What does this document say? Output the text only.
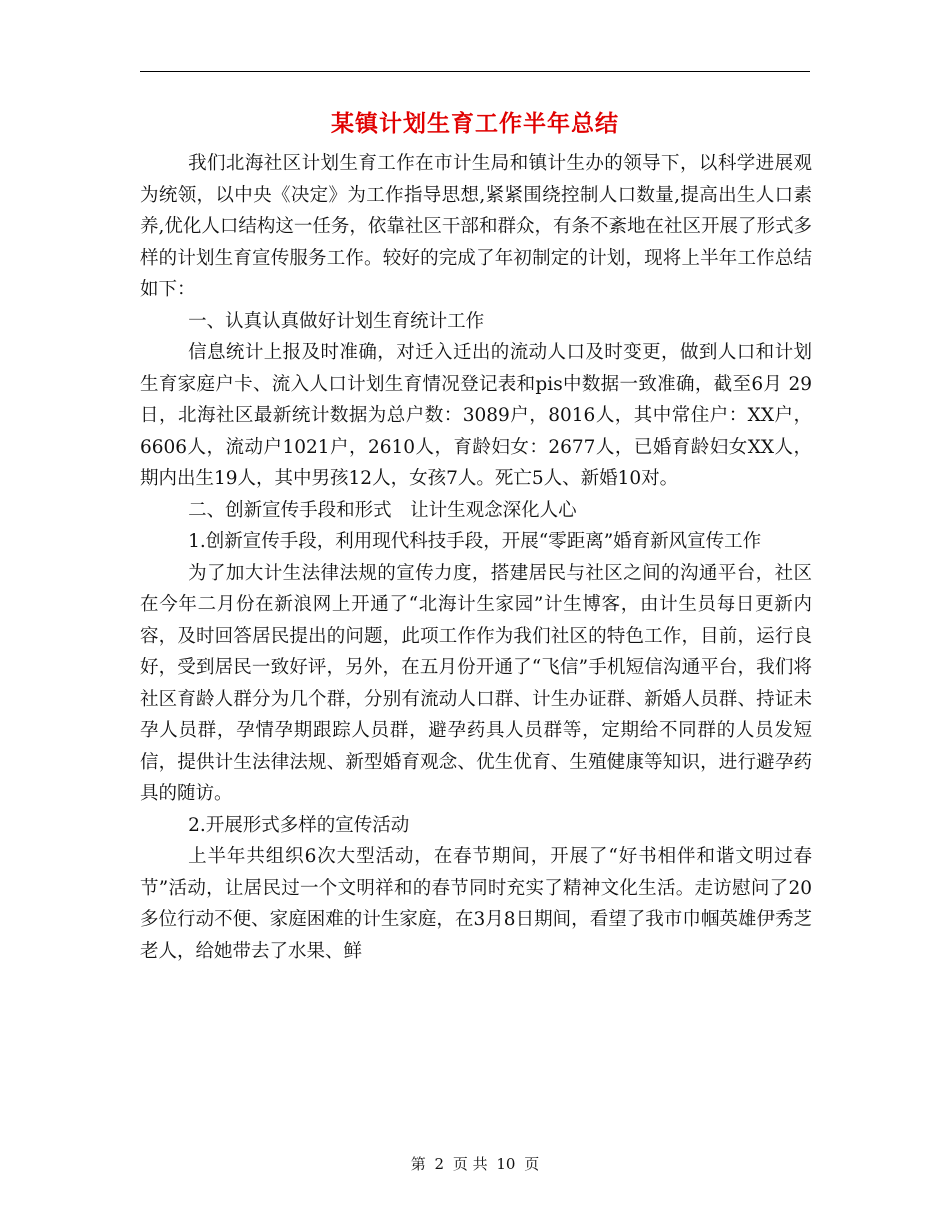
某镇计划生育工作半年总结

我们北海社区计划生育工作在市计生局和镇计生办的领导下，以科学进展观为统领，以中央《决定》为工作指导思想,紧紧围绕控制人口数量,提高出生人口素养,优化人口结构这一任务，依靠社区干部和群众，有条不紊地在社区开展了形式多样的计划生育宣传服务工作。较好的完成了年初制定的计划，现将上半年工作总结如下：

一、认真认真做好计划生育统计工作

信息统计上报及时准确，对迁入迁出的流动人口及时变更，做到人口和计划生育家庭户卡、流入人口计划生育情况登记表和pis中数据一致准确，截至6月 29日，北海社区最新统计数据为总户数：3089户，8016人，其中常住户：XX户，6606人，流动户1021户，2610人，育龄妇女：2677人，已婚育龄妇女XX人，期内出生19人，其中男孩12人，女孩7人。死亡5人、新婚10对。

二、创新宣传手段和形式　让计生观念深化人心

1.创新宣传手段，利用现代科技手段，开展“零距离”婚育新风宣传工作

为了加大计生法律法规的宣传力度，搭建居民与社区之间的沟通平台，社区在今年二月份在新浪网上开通了“北海计生家园”计生博客，由计生员每日更新内容，及时回答居民提出的问题，此项工作作为我们社区的特色工作，目前，运行良好，受到居民一致好评，另外，在五月份开通了“飞信”手机短信沟通平台，我们将社区育龄人群分为几个群，分别有流动人口群、计生办证群、新婚人员群、持证未孕人员群，孕情孕期跟踪人员群，避孕药具人员群等，定期给不同群的人员发短信，提供计生法律法规、新型婚育观念、优生优育、生殖健康等知识，进行避孕药具的随访。

2.开展形式多样的宣传活动

上半年共组织6次大型活动，在春节期间，开展了“好书相伴和谐文明过春节”活动，让居民过一个文明祥和的春节同时充实了精神文化生活。走访慰问了20多位行动不便、家庭困难的计生家庭，在3月8日期间，看望了我市巾帼英雄伊秀芝老人，给她带去了水果、鲜

第 2 页 共 10 页
